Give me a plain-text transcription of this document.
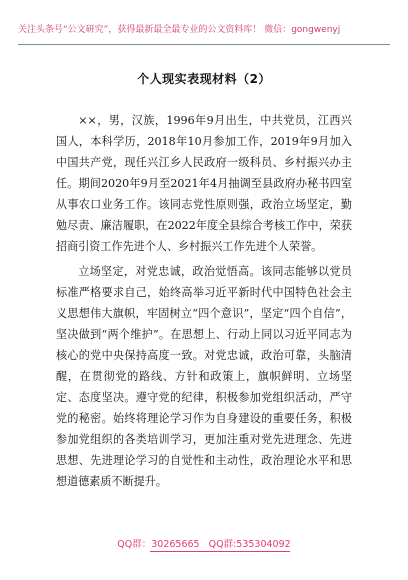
关注头条号“公文研究”，获得最新最全最专业的公文资料库！ 微信：gongwenyj
个人现实表现材料（2）

××，男，汉族，1996年9月出生，中共党员，江西兴国人，本科学历，2018年10月参加工作，2019年9月加入中国共产党，现任兴江乡人民政府一级科员、乡村振兴办主任。期间2020年9月至2021年4月抽调至县政府办秘书四室从事农口业务工作。该同志党性原则强，政治立场坚定，勤勉尽责、廉洁履职，在2022年度全县综合考核工作中，荣获招商引资工作先进个人、乡村振兴工作先进个人荣誉。

立场坚定，对党忠诚，政治觉悟高。该同志能够以党员标准严格要求自己，始终高举习近平新时代中国特色社会主义思想伟大旗帜，牢固树立“四个意识”，坚定“四个自信”，坚决做到“两个维护”。在思想上、行动上同以习近平同志为核心的党中央保持高度一致。对党忠诚，政治可靠，头脑清醒，在贯彻党的路线、方针和政策上，旗帜鲜明、立场坚定、态度坚决。遵守党的纪律，积极参加党组织活动，严守党的秘密。始终将理论学习作为自身建设的重要任务，积极参加党组织的各类培训学习，更加注重对党先进理念、先进思想、先进理论学习的自觉性和主动性，政治理论水平和思想道德素质不断提升。

QQ群：30265665 QQ群:535304092
